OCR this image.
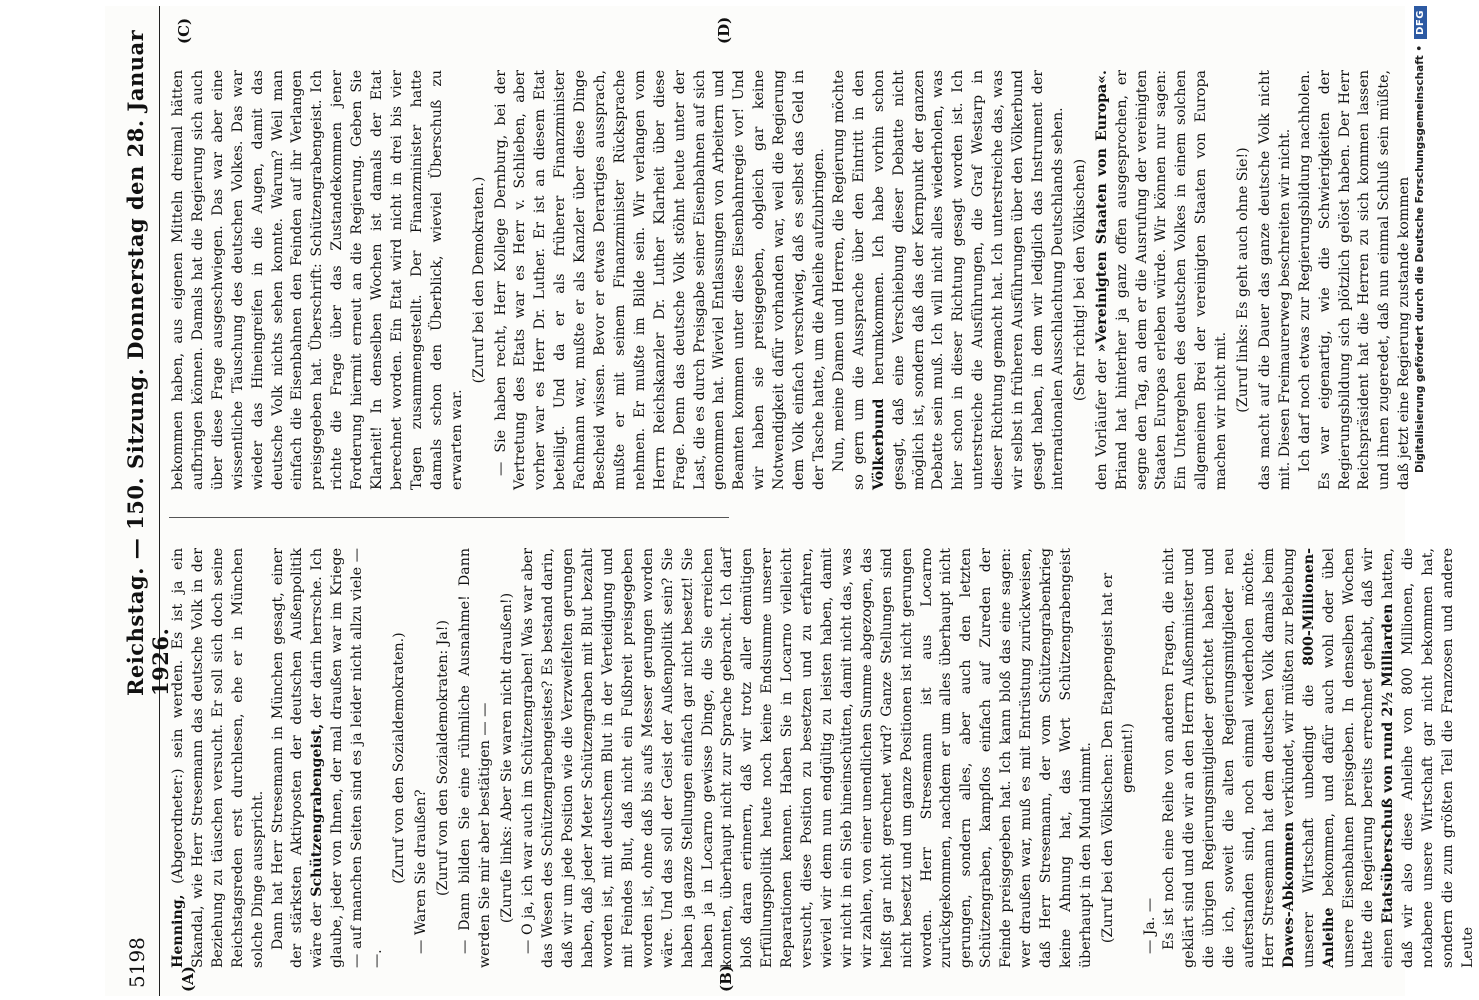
5198
Reichstag. — 150. Sitzung. Donnerstag den 28. Januar 1926.
(A)	(B)
(C)	(D)

Henning, (Abgeordneter:) sein werden. Es ist ja ein Skandal, wie Herr Stresemann das deutsche Volk in der Beziehung zu täuschen versucht. Er soll sich doch seine Reichstagsreden erst durchlesen, ehe er in München solche Dinge ausspricht. Dann hat Herr Stresemann in München gesagt, einer der stärksten Aktivposten der deutschen Außenpolitik wäre der Schützengrabengeist, der darin herrsche. Ich glaube, jeder von Ihnen, der mal draußen war im Kriege — auf manchen Seiten sind es ja leider nicht allzu viele — —.

(Zuruf von den Sozialdemokraten.) — Waren Sie draußen? (Zuruf von den Sozialdemokraten: Ja!) — Dann bilden Sie eine rühmliche Ausnahme! Dann werden Sie mir aber bestätigen — — (Zurufe links: Aber Sie waren nicht draußen!) — O ja, ich war auch im Schützengraben! Was war aber das Wesen des Schützengrabengeistes? Es bestand darin, daß wir um jede Position wie die Verzweifelten gerungen haben, daß jeder Meter Schützengraben mit Blut bezahlt worden ist, mit deutschem Blut in der Verteidigung und mit Feindes Blut, daß nicht ein Fußbreit preisgegeben worden ist, ohne daß bis aufs Messer gerungen worden wäre. Und das soll der Geist der Außenpolitik sein? Sie haben ja ganze Stellungen einfach gar nicht besetzt! Sie haben ja in Locarno gewisse Dinge, die Sie erreichen konnten, überhaupt nicht zur Sprache gebracht. Ich darf bloß daran erinnern, daß wir trotz aller demütigen Erfüllungspolitik heute noch keine Endsumme unserer Reparationen kennen. Haben Sie in Locarno vielleicht versucht, diese Position zu besetzen und zu erfahren, wieviel wir denn nun endgültig zu leisten haben, damit wir nicht in ein Sieb hineinschütten, damit nicht das, was wir zahlen, von einer unendlichen Summe abgezogen, das heißt gar nicht gerechnet wird? Ganze Stellungen sind nicht besetzt und um ganze Positionen ist nicht gerungen worden. Herr Stresemann ist aus Locarno zurückgekommen, nachdem er um alles überhaupt nicht gerungen, sondern alles, aber auch den letzten Schützengraben, kampflos einfach auf Zureden der Feinde preisgegeben hat. Ich kann bloß das eine sagen: wer draußen war, muß es mit Entrüstung zurückweisen, daß Herr Stresemann, der vom Schützengrabenkrieg keine Ahnung hat, das Wort Schützengrabengeist überhaupt in den Mund nimmt. (Zuruf bei den Völkischen: Den Etappengeist hat er gemeint!)

— Ja. — Es ist noch eine Reihe von anderen Fragen, die nicht geklärt sind und die wir an den Herrn Außenminister und die übrigen Regierungsmitglieder gerichtet haben und die ich, soweit die alten Regierungsmitglieder neu auferstanden sind, noch einmal wiederholen möchte. Herr Stresemann hat dem deutschen Volk damals beim Dawes-Abkommen verkündet, wir müßten zur Belebung unserer Wirtschaft unbedingt die 800-Millionen-Anleihe bekommen, und dafür auch wohl oder übel unsere Eisenbahnen preisgeben. In denselben Wochen hatte die Regierung bereits errechnet gehabt, daß wir einen Etatsüberschuß von rund 2½ Milliarden hatten, daß wir also diese Anleihe von 800 Millionen, die notabene unsere Wirtschaft gar nicht bekommen hat, sondern die zum größten Teil die Franzosen und andere Leute

bekommen haben, aus eigenen Mitteln dreimal hätten aufbringen können. Damals hat die Regierung sich auch über diese Frage ausgeschwiegen. Das war aber eine wissentliche Täuschung des deutschen Volkes. Das war wieder das Hineingreifen in die Augen, damit das deutsche Volk nichts sehen konnte. Warum? Weil man einfach die Eisenbahnen den Feinden auf ihr Verlangen preisgegeben hat. Überschrift: Schützengrabengeist. Ich richte die Frage über das Zustandekommen jener Forderung hiermit erneut an die Regierung. Geben Sie Klarheit! In denselben Wochen ist damals der Etat berechnet worden. Ein Etat wird nicht in drei bis vier Tagen zusammengestellt. Der Finanzminister hatte damals schon den Überblick, wieviel Überschuß zu erwarten war.

(Zuruf bei den Demokraten.) — Sie haben recht, Herr Kollege Dernburg, bei der Vertretung des Etats war es Herr v. Schlieben, aber vorher war es Herr Dr. Luther. Er ist an diesem Etat beteiligt. Und da er als früherer Finanzminister Fachmann war, mußte er als Kanzler über diese Dinge Bescheid wissen. Bevor er etwas Derartiges aussprach, mußte er mit seinem Finanzminister Rücksprache nehmen. Er mußte im Bilde sein. Wir verlangen vom Herrn Reichskanzler Dr. Luther Klarheit über diese Frage. Denn das deutsche Volk stöhnt heute unter der Last, die es durch Preisgabe seiner Eisenbahnen auf sich genommen hat. Wieviel Entlassungen von Arbeitern und Beamten kommen unter diese Eisenbahnregie vor! Und wir haben sie preisgegeben, obgleich gar keine Notwendigkeit dafür vorhanden war, weil die Regierung dem Volk einfach verschwieg, daß es selbst das Geld in der Tasche hatte, um die Anleihe aufzubringen. Nun, meine Damen und Herren, die Regierung möchte so gern um die Aussprache über den Eintritt in den Völkerbund herumkommen. Ich habe vorhin schon gesagt, daß eine Verschiebung dieser Debatte nicht möglich ist, sondern daß das der Kernpunkt der ganzen Debatte sein muß. Ich will nicht alles wiederholen, was hier schon in dieser Richtung gesagt worden ist. Ich unterstreiche die Ausführungen, die Graf Westarp in dieser Richtung gemacht hat. Ich unterstreiche das, was wir selbst in früheren Ausführungen über den Völkerbund gesagt haben, in dem wir lediglich das Instrument der internationalen Ausschlachtung Deutschlands sehen. (Sehr richtig! bei den Völkischen)

den Vorläufer der »Vereinigten Staaten von Europa«. Briand hat hinterher ja ganz offen ausgesprochen, er segne den Tag, an dem er die Ausrufung der vereinigten Staaten Europas erleben würde. Wir können nur sagen: Ein Untergehen des deutschen Volkes in einem solchen allgemeinen Brei der vereinigten Staaten von Europa machen wir nicht mit. (Zuruf links: Es geht auch ohne Sie!) das macht auf die Dauer das ganze deutsche Volk nicht mit. Diesen Freimaurerweg beschreiten wir nicht. Ich darf noch etwas zur Regierungsbildung nachholen. Es war eigenartig, wie die Schwierigkeiten der Regierungsbildung sich plötzlich gelöst haben. Der Herr Reichspräsident hat die Herren zu sich kommen lassen und ihnen zugeredet, daß nun einmal Schluß sein müßte, daß jetzt eine Regierung zustande kommen Digitalisierung gefördert durch die Deutsche Forschungsgemeinschaft •
DFG
